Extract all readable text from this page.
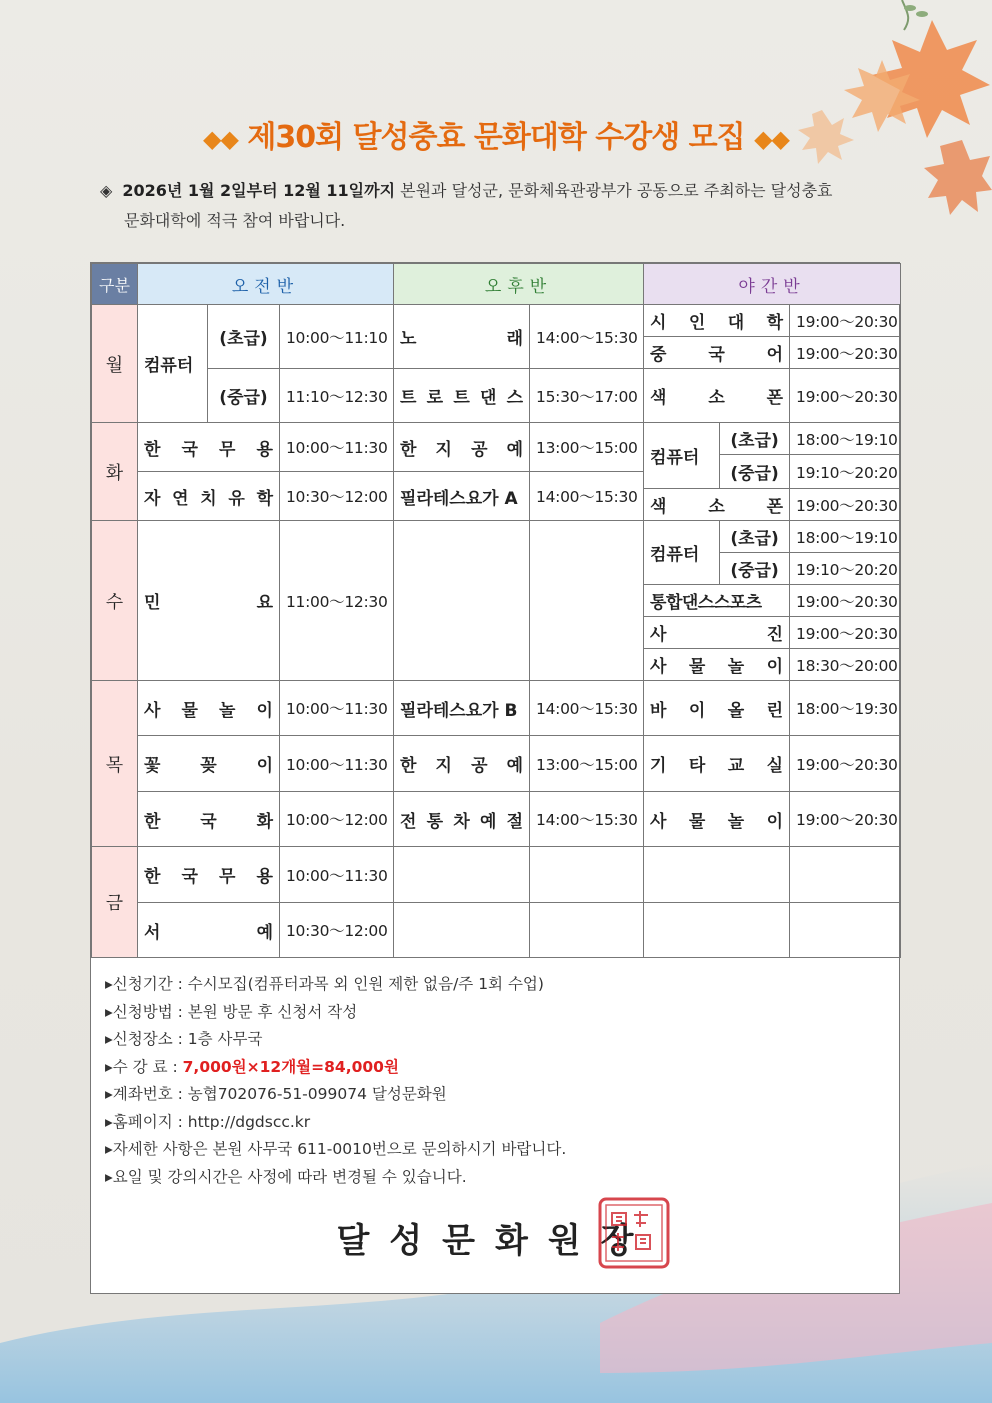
◆◆ 제30회 달성충효 문화대학 수강생 모집 ◆◆
◈ 2026년 1월 2일부터 12월 11일까지 본원과 달성군, 문화체육관광부가 공동으로 주최하는 달성충효
문화대학에 적극 참여 바랍니다.
구분	오전반			오후반		야간반		
월	컴퓨터	(초급)	10:00～11:10	노 래	14:00～15:30	시 인 대 학		19:00～20:30

						중 국 어		19:00～20:30
		(중급)	11:10～12:30	트 로 트 댄 스	15:30～17:00	색 소 폰		19:00～20:30
화	한 국 무 용		10:00～11:30	한 지 공 예	13:00～15:00	컴퓨터	(초급)	18:00～19:10
							(중급)	19:10～20:20

	자 연 치 유 학		10:30～12:00	필라테스요가 A	14:00～15:30			

						색 소 폰		19:00～20:30
수	민 요		11:00～12:30			컴퓨터	(초급)	18:00～19:10
							(중급)	19:10～20:20
						통합댄스스포츠		19:00～20:30

						사 진		19:00～20:30

						사 물 놀 이		18:30～20:00
목	사 물 놀 이		10:00～11:30	필라테스요가 B	14:00～15:30	바 이 올 린		18:00～19:30

	꽃 꽂 이		10:00～11:30	한 지 공 예	13:00～15:00	기 타 교 실		19:00～20:30

	한 국 화		10:00～12:00	전 통 차 예 절	14:00～15:30	사 물 놀 이		19:00～20:30
금	한 국 무 용		10:00～11:30					

	서 예		10:30～12:00					
▸신청기간 : 수시모집(컴퓨터과목 외 인원 제한 없음/주 1회 수업)
▸신청방법 : 본원 방문 후 신청서 작성
▸신청장소 : 1층 사무국
▸수 강 료 : 7,000원×12개월=84,000원
▸계좌번호 : 농협702076-51-099074 달성문화원
▸홈페이지 : http://dgdscc.kr
▸자세한 사항은 본원 사무국 611-0010번으로 문의하시기 바랍니다.
▸요일 및 강의시간은 사정에 따라 변경될 수 있습니다.
달성문화원장
